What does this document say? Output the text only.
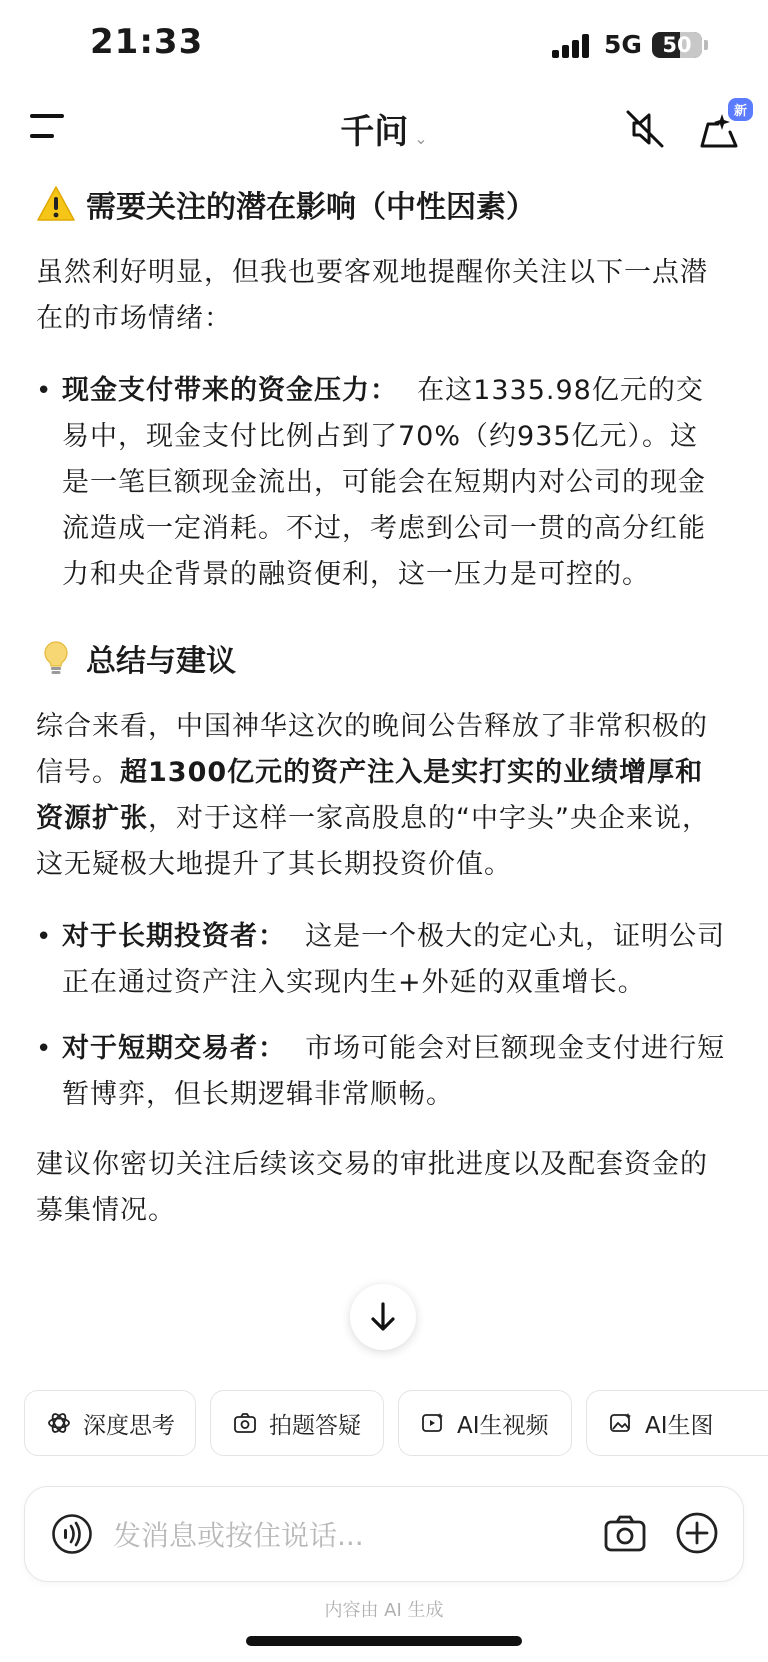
21:33	5G 50
千问 ⌄
新
需要关注的潜在影响（中性因素）

虽然利好明显，但我也要客观地提醒你关注以下一点潜在的市场情绪：

• 现金支付带来的资金压力： 在这1335.98亿元的交易中，现金支付比例占到了70%（约935亿元）。这是一笔巨额现金流出，可能会在短期内对公司的现金流造成一定消耗。不过，考虑到公司一贯的高分红能力和央企背景的融资便利，这一压力是可控的。
总结与建议

综合来看，中国神华这次的晚间公告释放了非常积极的信号。超1300亿元的资产注入是实打实的业绩增厚和资源扩张，对于这样一家高股息的“中字头”央企来说，这无疑极大地提升了其长期投资价值。

• 对于长期投资者： 这是一个极大的定心丸，证明公司正在通过资产注入实现内生+外延的双重增长。
• 对于短期交易者： 市场可能会对巨额现金支付进行短暂博弈，但长期逻辑非常顺畅。

建议你密切关注后续该交易的审批进度以及配套资金的募集情况。

深度思考	拍题答疑	AI生视频	AI生图
发消息或按住说话...
内容由 AI 生成
